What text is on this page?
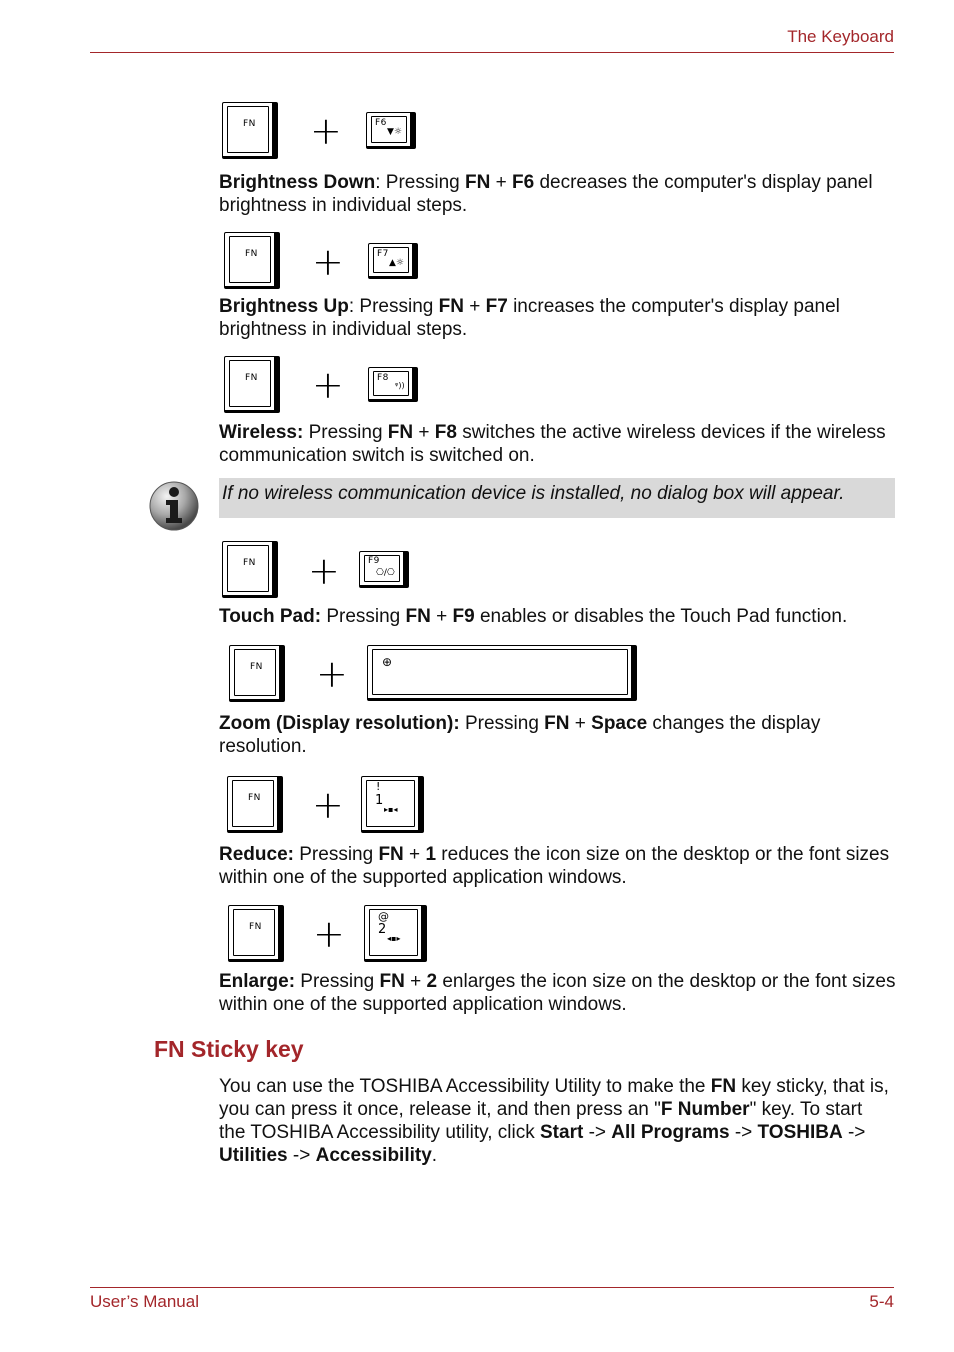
The Keyboard
User’s Manual	5-4
FN +	F6
▼☼
Brightness Down: Pressing FN + F6 decreases the computer's display panel brightness in individual steps.
FN +	F7
▲☼
Brightness Up: Pressing FN + F7 increases the computer's display panel brightness in individual steps.
FN +	F8
ᵠ))
Wireless: Pressing FN + F8 switches the active wireless devices if the wireless communication switch is switched on.
If no wireless communication device is installed, no dialog box will appear.
FN +	F9
⎔/⎔
Touch Pad: Pressing FN + F9 enables or disables the Touch Pad function.
FN +	⊕
Zoom (Display resolution): Pressing FN + Space changes the display resolution.
FN +	!
1
▸▪◂
Reduce: Pressing FN + 1 reduces the icon size on the desktop or the font sizes within one of the supported application windows.
FN +	@
2
◂▪▸
Enlarge: Pressing FN + 2 enlarges the icon size on the desktop or the font sizes within one of the supported application windows.
FN Sticky key
You can use the TOSHIBA Accessibility Utility to make the FN key sticky, that is, you can press it once, release it, and then press an "F Number" key. To start the TOSHIBA Accessibility utility, click Start -> All Programs -> TOSHIBA -> Utilities -> Accessibility.
